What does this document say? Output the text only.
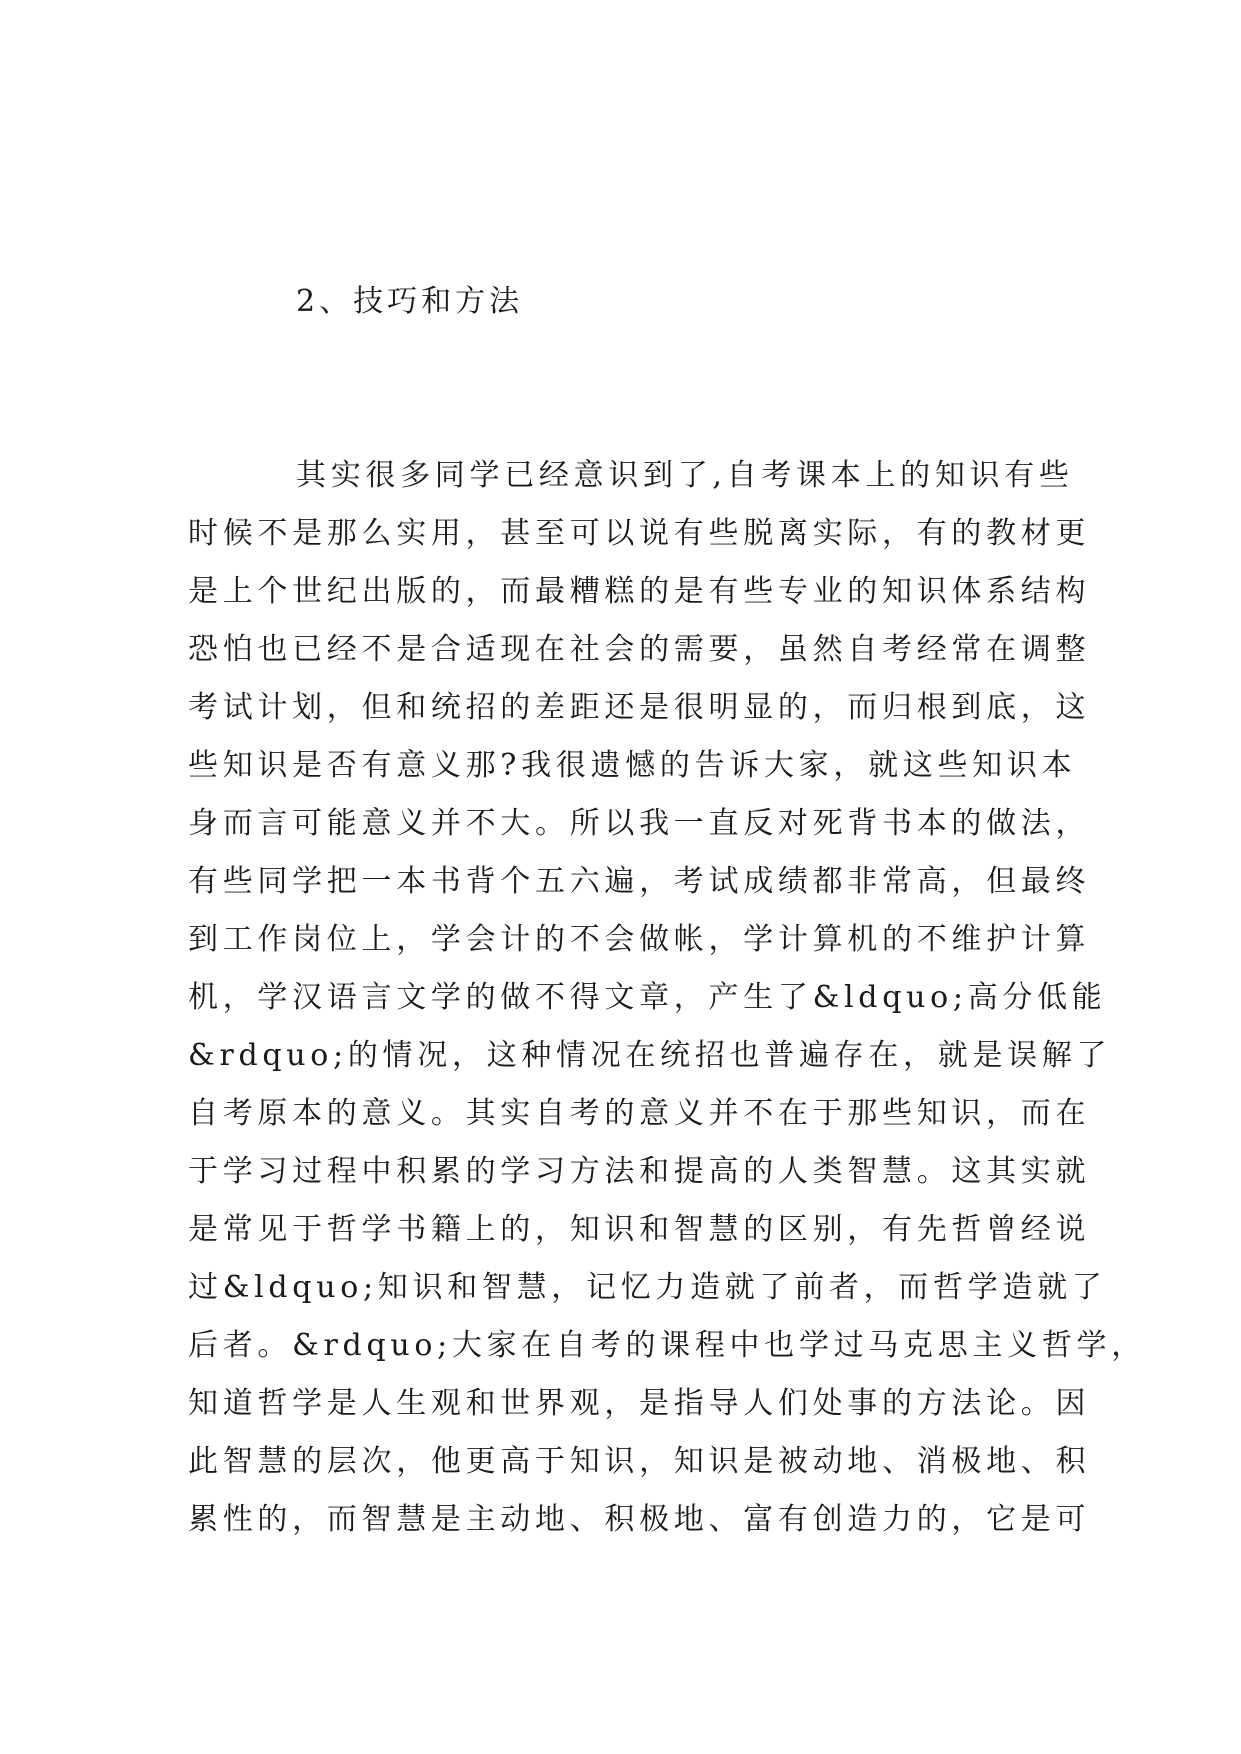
2、技巧和方法
其实很多同学已经意识到了,自考课本上的知识有些
时候不是那么实用，甚至可以说有些脱离实际，有的教材更
是上个世纪出版的，而最糟糕的是有些专业的知识体系结构
恐怕也已经不是合适现在社会的需要，虽然自考经常在调整
考试计划，但和统招的差距还是很明显的，而归根到底，这
些知识是否有意义那?我很遗憾的告诉大家，就这些知识本
身而言可能意义并不大。所以我一直反对死背书本的做法，
有些同学把一本书背个五六遍，考试成绩都非常高，但最终
到工作岗位上，学会计的不会做帐，学计算机的不维护计算
机，学汉语言文学的做不得文章，产生了&ldquo;高分低能
&rdquo;的情况，这种情况在统招也普遍存在，就是误解了
自考原本的意义。其实自考的意义并不在于那些知识，而在
于学习过程中积累的学习方法和提高的人类智慧。这其实就
是常见于哲学书籍上的，知识和智慧的区别，有先哲曾经说
过&ldquo;知识和智慧，记忆力造就了前者，而哲学造就了
后者。&rdquo;大家在自考的课程中也学过马克思主义哲学，
知道哲学是人生观和世界观，是指导人们处事的方法论。因
此智慧的层次，他更高于知识，知识是被动地、消极地、积
累性的，而智慧是主动地、积极地、富有创造力的，它是可
